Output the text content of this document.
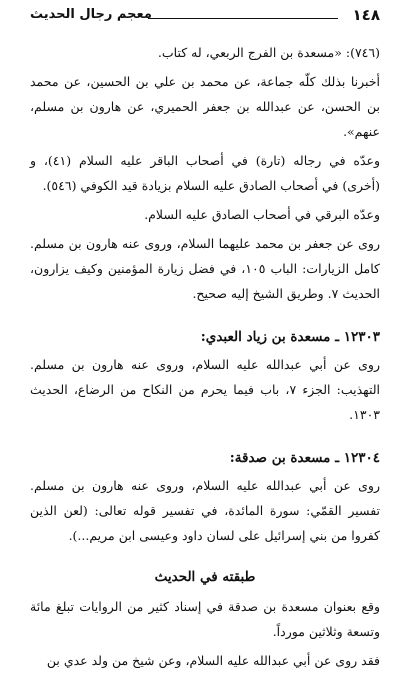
١٤٨
معجم رجال الحديث

(٧٤٦): «مسعدة بن الفرج الربعي، له كتاب.

أخبرنا بذلك كلّه جماعة، عن محمد بن علي بن الحسين، عن محمد بن الحسن، عن عبدالله بن جعفر الحميري، عن هارون بن مسلم، عنهم».

وعدّه في رجاله (تارة) في أصحاب الباقر عليه السلام (٤١)، و (أخرى) في أصحاب الصادق عليه السلام بزيادة قيد الكوفي (٥٤٦).

وعدّه البرقي في أصحاب الصادق عليه السلام.

روى عن جعفر بن محمد عليهما السلام، وروى عنه هارون بن مسلم. كامل الزيارات: الباب ١٠٥، في فضل زيارة المؤمنين وكيف يزارون، الحديث ٧. وطريق الشيخ إليه صحيح.

١٢٣٠٣ ـ مسعدة بن زياد العبدي:

روى عن أبي عبدالله عليه السلام، وروى عنه هارون بن مسلم. التهذيب: الجزء ٧، باب فيما يحرم من النكاح من الرضاع، الحديث ١٣٠٣.

١٢٣٠٤ ـ مسعدة بن صدقة:

روى عن أبي عبدالله عليه السلام، وروى عنه هارون بن مسلم. تفسير القمّي: سورة المائدة، في تفسير قوله تعالى: (لعن الذين كفروا من بني إسرائيل على لسان داود وعيسى ابن مريم...).

طبقته في الحديث

وقع بعنوان مسعدة بن صدقة في إسناد كثير من الروايات تبلغ مائة وتسعة وثلاثين مورداً.

فقد روى عن أبي عبدالله عليه السلام، وعن شيخ من ولد عدي بن
